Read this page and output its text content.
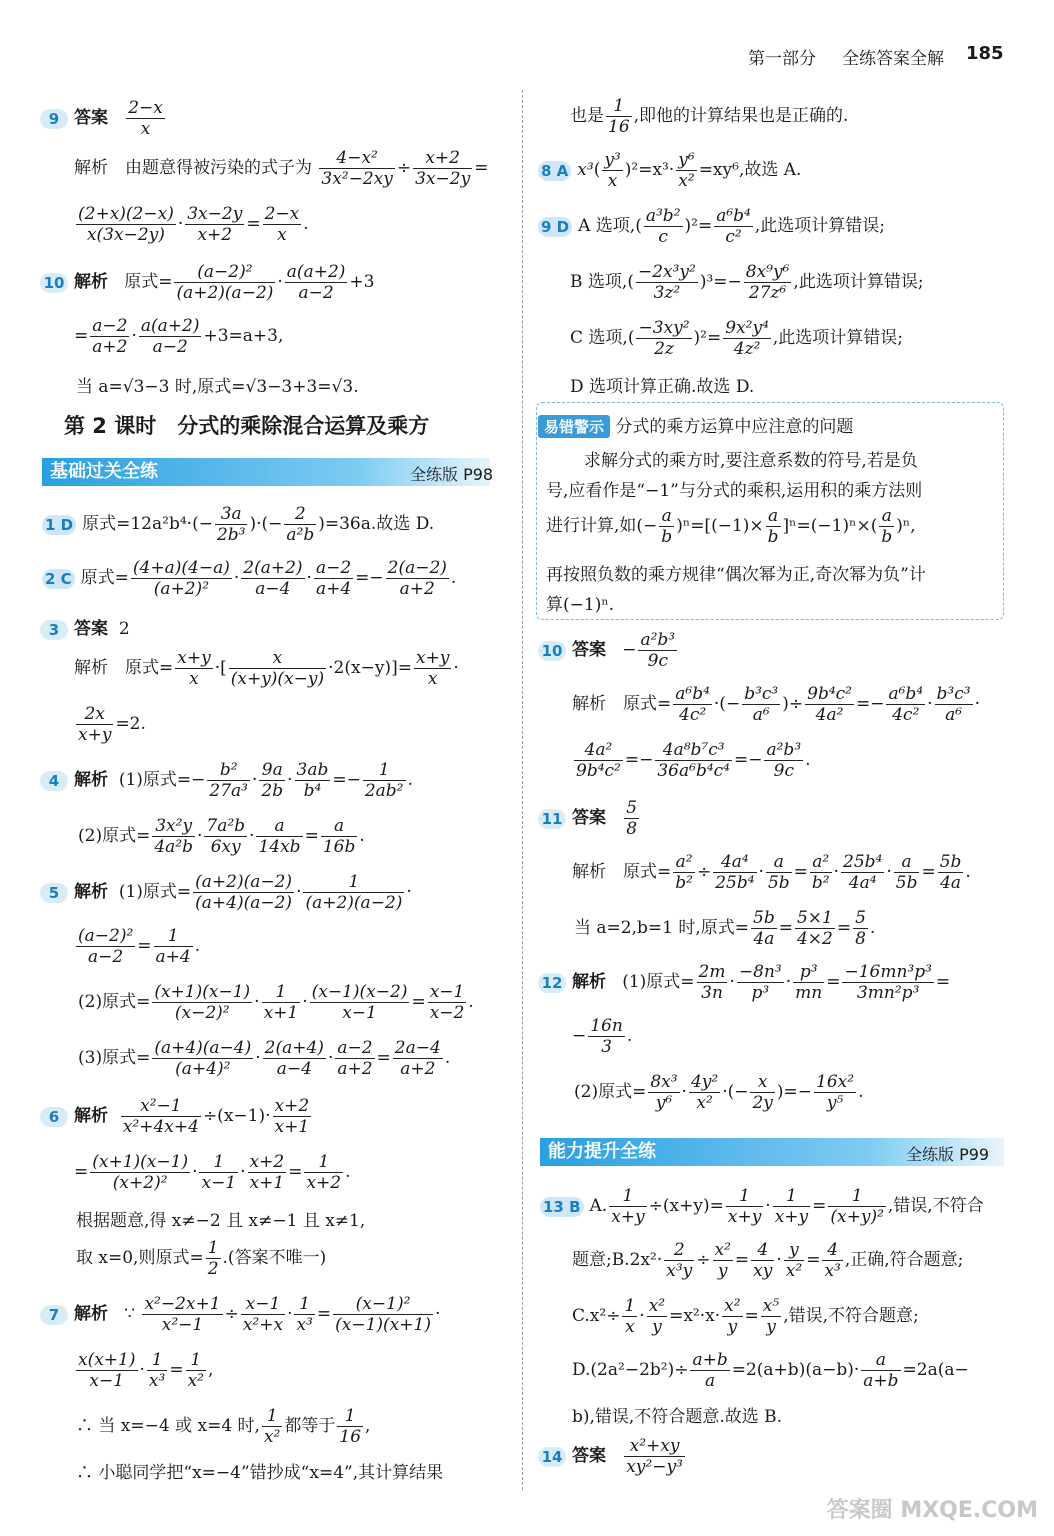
第一部分 全练答案全解 185
9 答案 $\frac{2-x}{x}$
解析　由题意得被污染的式子为 $\frac{\text{4−x²}}{\text{3x²−2xy}} \div \frac{x+2}{3x-2y}$ =
$\frac{(2+x)(2-x)}{x(3x-2y)} \cdot \frac{3x-2y}{x+2} = \frac{2-x}{x}$ .
10 解析 原式= $\frac{\text{(a−2)²}}{(a+2)(a-2)} \cdot \frac{a(a+2)}{a-2} +3$
= $\frac{a-2}{a+2} \cdot \frac{a(a+2)}{a-2} +3=a+3$,
当 a=√3−3 时,原式=√3−3+3=√3.
第 2 课时　分式的乘除混合运算及乘方
基础过关全练	全练版 P98
1 D 原式$=12a^2b^4\cdot(- \frac{3a}{\text{2b³}}$ )·(− $\frac{2}{\text{a²b}} )=36a$.故选 D.
2 C 原式= $\frac{(4+a)(4-a)}{\text{(a+2)²}} \cdot \frac{2(a+2)}{a-4} \cdot \frac{a-2}{a+4} =- \frac{2(a-2)}{a+2}$ .
3 答案 2
解析　原式= $\frac{x+y}{x}$ ·[ $\frac{x}{(x+y)(x-y)} \cdot 2(x-y)]= \frac{x+y}{x}$ ·
$\frac{2x}{x+y} =2$.
4 解析 (1)原式=− $\frac{\text{b²}}{\text{27a³}} \cdot \frac{9a}{2b} \cdot \frac{3ab}{\text{b⁴}} =- \frac{1}{\text{2ab²}}$ .
(2)原式= $\frac{\text{3x²y}}{\text{4a²b}} \cdot \frac{\text{7a²b}}{6xy} \cdot \frac{a}{14xb} = \frac{a}{16b}$ .
5 解析 (1)原式= $\frac{(a+2)(a-2)}{(a+4)(a-2)} \cdot \frac{1}{(a+2)(a-2)}$ ·
$\frac{\text{(a−2)²}}{a-2} = \frac{1}{a+4}$ .
(2)原式= $\frac{(x+1)(x-1)}{\text{(x−2)²}} \cdot \frac{1}{x+1} \cdot \frac{(x-1)(x-2)}{x-1} = \frac{x-1}{x-2}$ .
(3)原式= $\frac{(a+4)(a-4)}{\text{(a+4)²}} \cdot \frac{2(a+4)}{a-4} \cdot \frac{a-2}{a+2} = \frac{2a-4}{a+2}$ .
6 解析 $\frac{\text{x²−1}}{\text{x²+4x+4}} \div(x-1)\cdot \frac{x+2}{x+1}$
= $\frac{(x+1)(x-1)}{\text{(x+2)²}} \cdot \frac{1}{x-1} \cdot \frac{x+2}{x+1} = \frac{1}{x+2}$ .
根据题意,得 x≠−2 且 x≠−1 且 x≠1,
取 x=0,则原式= $\frac{1}{2}$ .(答案不唯一)
7 解析 ∵ $\frac{\text{x²−2x+1}}{\text{x²−1}} \div \frac{x-1}{\text{x²+x}} \cdot \frac{1}{\text{x³}} = \frac{\text{(x−1)²}}{(x-1)(x+1)}$ ·
$\frac{x(x+1)}{x-1} \cdot \frac{1}{\text{x³}} = \frac{1}{\text{x²}}$ ,
∴ 当 x=−4 或 x=4 时, $\frac{1}{\text{x²}}$ 都等于 $\frac{1}{16}$ ,
∴ 小聪同学把“x=−4”错抄成“x=4”,其计算结果
也是 $\frac{1}{16}$ ,即他的计算结果也是正确的.
8 A $x^3( \frac{\text{y³}}{x} )^2=x^3\cdot \frac{\text{y⁶}}{\text{x²}} =xy^6$,故选 A.
9 D A 选项,( $\frac{\text{a³b²}}{c} )^2= \frac{\text{a⁶b⁴}}{\text{c²}}$ ,此选项计算错误;
B 选项,( $\frac{\text{−2x³y²}}{\text{3z²}} )^3=- \frac{\text{8x⁹y⁶}}{\text{27z⁶}}$ ,此选项计算错误;
C 选项,( $\frac{\text{−3xy²}}{2z} )^2= \frac{\text{9x²y⁴}}{\text{4z²}}$ ,此选项计算错误;
D 选项计算正确.故选 D.
易错警示 分式的乘方运算中应注意的问题
求解分式的乘方时,要注意系数的符号,若是负
号,应看作是“−1”与分式的乘积,运用积的乘方法则
进行计算,如(− $\frac{a}{b} )^n=[(-1)\times \frac{a}{b} ]^n=(-1)^n\times( \frac{a}{b} )^n$,
再按照负数的乘方规律“偶次幂为正,奇次幂为负”计
算(−1)ⁿ.
10 答案   − $\frac{\text{a²b³}}{9c}$
解析　原式= $\frac{\text{a⁶b⁴}}{\text{4c²}}$ ·(− $\frac{\text{b³c³}}{\text{a⁶}}$ )÷ $\frac{\text{9b⁴c²}}{\text{4a²}} =- \frac{\text{a⁶b⁴}}{\text{4c²}} \cdot \frac{\text{b³c³}}{\text{a⁶}}$ ·
$\frac{\text{4a²}}{\text{9b⁴c²}} =- \frac{\text{4a⁸b⁷c³}}{\text{36a⁶b⁴c⁴}} =- \frac{\text{a²b³}}{9c}$ .
11 答案 $\frac{5}{8}$
解析　原式= $\frac{\text{a²}}{\text{b²}} \div \frac{\text{4a⁴}}{\text{25b⁴}} \cdot \frac{a}{5b} = \frac{\text{a²}}{\text{b²}} \cdot \frac{\text{25b⁴}}{\text{4a⁴}} \cdot \frac{a}{5b} = \frac{5b}{4a}$ .
当 a=2,b=1 时,原式= $\frac{5b}{4a} = \frac{5\times 1}{4\times 2} = \frac{5}{8}$ .
12 解析 (1)原式= $\frac{2m}{3n} \cdot \frac{\text{−8n³}}{\text{p³}} \cdot \frac{\text{p³}}{mn} = \frac{\text{−16mn³p³}}{\text{3mn²p³}}$ =
− $\frac{16n}{3}$ .
(2)原式= $\frac{\text{8x³}}{\text{y⁶}} \cdot \frac{\text{4y²}}{\text{x²}}$ ·(− $\frac{x}{2y}$ )=− $\frac{\text{16x²}}{\text{y⁵}}$ .
能力提升全练	全练版 P99
13 B A. $\frac{1}{x+y} \div(x+y)= \frac{1}{x+y} \cdot \frac{1}{x+y} = \frac{1}{\text{(x+y)²}}$ ,错误,不符合
题意;B.2x²· $\frac{2}{\text{x³y}} \div \frac{\text{x²}}{y} = \frac{4}{xy} \cdot \frac{y}{\text{x²}} = \frac{4}{\text{x³}}$ ,正确,符合题意;
$C.x^2\div \frac{1}{x} \cdot \frac{\text{x²}}{y} =x^2\cdot x\cdot \frac{\text{x²}}{y} = \frac{\text{x⁵}}{y}$ ,错误,不符合题意;
$D.(2a^2-2b^2)\div \frac{a+b}{a} =2(a+b)(a-b)\cdot \frac{a}{a+b} =2a(a-$
b),错误,不符合题意.故选 B.
14 答案 $\frac{\text{x²+xy}}{\text{xy²−y³}}$
答案圈 MXQE.COM
